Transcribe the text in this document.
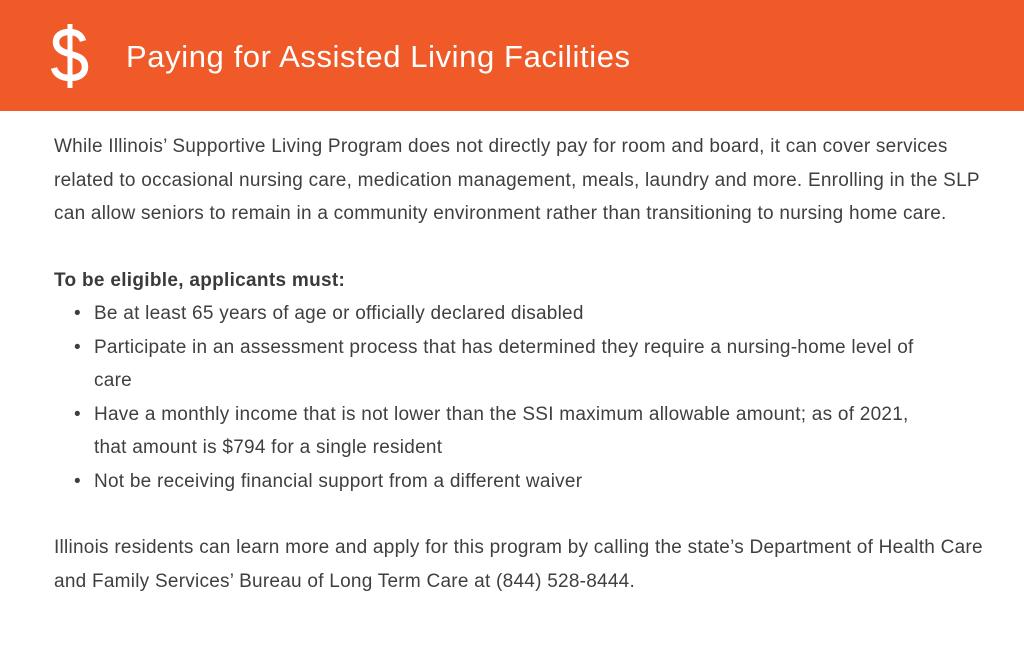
Paying for Assisted Living Facilities

While Illinois’ Supportive Living Program does not directly pay for room and board, it can cover services related to occasional nursing care, medication management, meals, laundry and more. Enrolling in the SLP can allow seniors to remain in a community environment rather than transitioning to nursing home care.

To be eligible, applicants must:

• Be at least 65 years of age or officially declared disabled
• Participate in an assessment process that has determined they require a nursing-home level of care
• Have a monthly income that is not lower than the SSI maximum allowable amount; as of 2021, that amount is $794 for a single resident
• Not be receiving financial support from a different waiver

Illinois residents can learn more and apply for this program by calling the state’s Department of Health Care and Family Services’ Bureau of Long Term Care at (844) 528-8444.
